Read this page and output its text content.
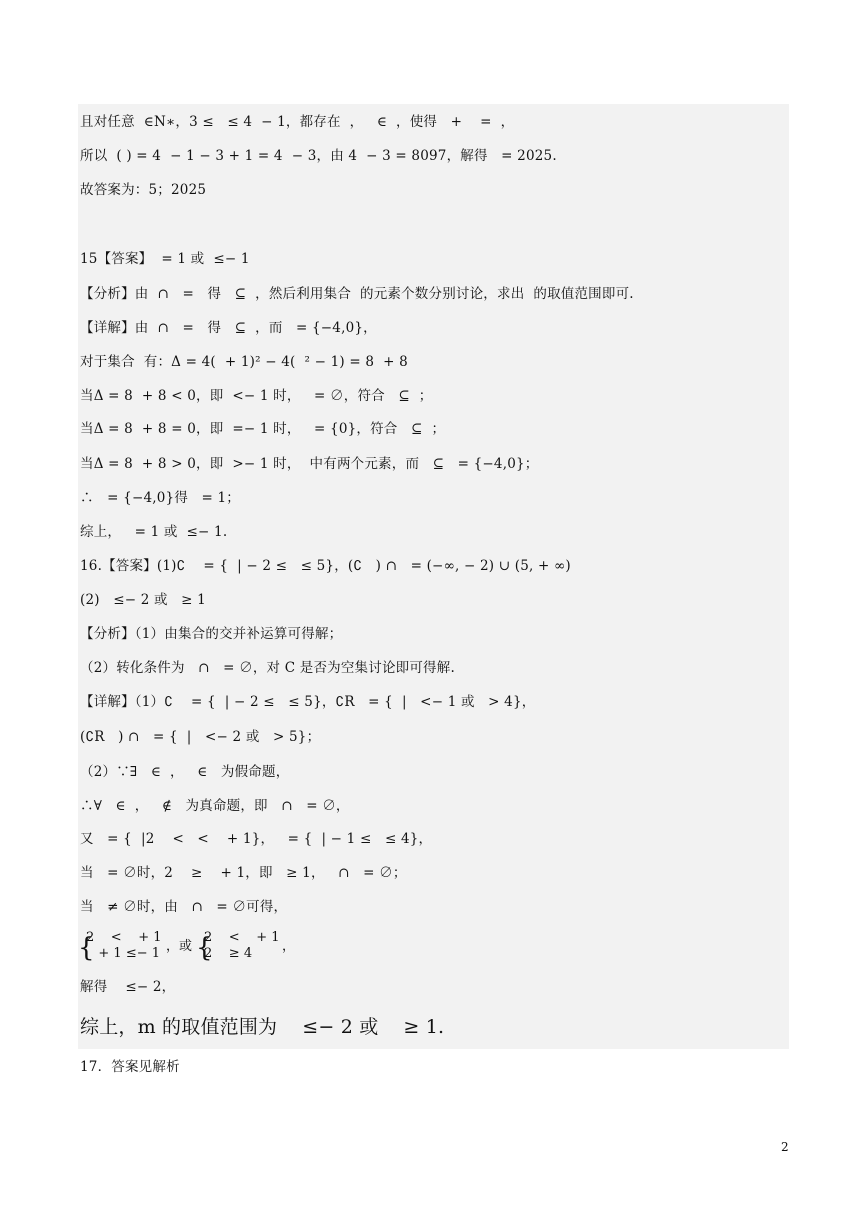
且对任意  ∈N∗，3 ≤   ≤ 4  − 1，都存在  ，   ∈  ，使得   +    =  ，
所以  ( ) = 4  − 1 − 3 + 1 = 4  − 3，由 4  − 3 = 8097，解得   = 2025.
故答案为：5；2025
15【答案】  = 1 或  ≤− 1
【分析】由  ∩   =   得   ⊆  ，然后利用集合  的元素个数分别讨论，求出  的取值范围即可.
【详解】由  ∩   =   得   ⊆  ，而   = {−4,0}，
对于集合  有：Δ = 4(  + 1)² − 4(  ² − 1) = 8  + 8
当Δ = 8  + 8 < 0，即  <− 1 时，   = ∅，符合   ⊆  ；
当Δ = 8  + 8 = 0，即  =− 1 时，   = {0}，符合   ⊆  ；
当Δ = 8  + 8 > 0，即  >− 1 时，  中有两个元素，而   ⊆   = {−4,0}；
∴   = {−4,0}得   = 1；
综上，   = 1 或  ≤− 1.
16.【答案】(1)∁    = {  | − 2 ≤   ≤ 5}，(∁   ) ∩   = (−∞, − 2) ∪ (5, + ∞)
(2)   ≤− 2 或   ≥ 1
【分析】（1）由集合的交并补运算可得解；
（2）转化条件为   ∩   = ∅，对 C 是否为空集讨论即可得解.
【详解】（1）∁    = {  | − 2 ≤   ≤ 5}，∁R   = {  |   <− 1 或   > 4}，
(∁R   ) ∩   = {  |   <− 2 或   > 5}；
（2）∵∃   ∈  ，   ∈   为假命题，
∴∀   ∈  ，   ∉   为真命题，即   ∩   = ∅，
又   = {  |2    <   <    + 1}，   = {  | − 1 ≤   ≤ 4}，
当   = ∅时，2    ≥    + 1，即   ≥ 1，   ∩   = ∅；
当   ≠ ∅时，由   ∩   = ∅可得，

{

2    <    + 1

+ 1 ≤− 1

，或

{

2    <    + 1

2    ≥ 4

，

解得    ≤− 2，
综上，m 的取值范围为    ≤− 2 或    ≥ 1.
17．答案见解析
2
